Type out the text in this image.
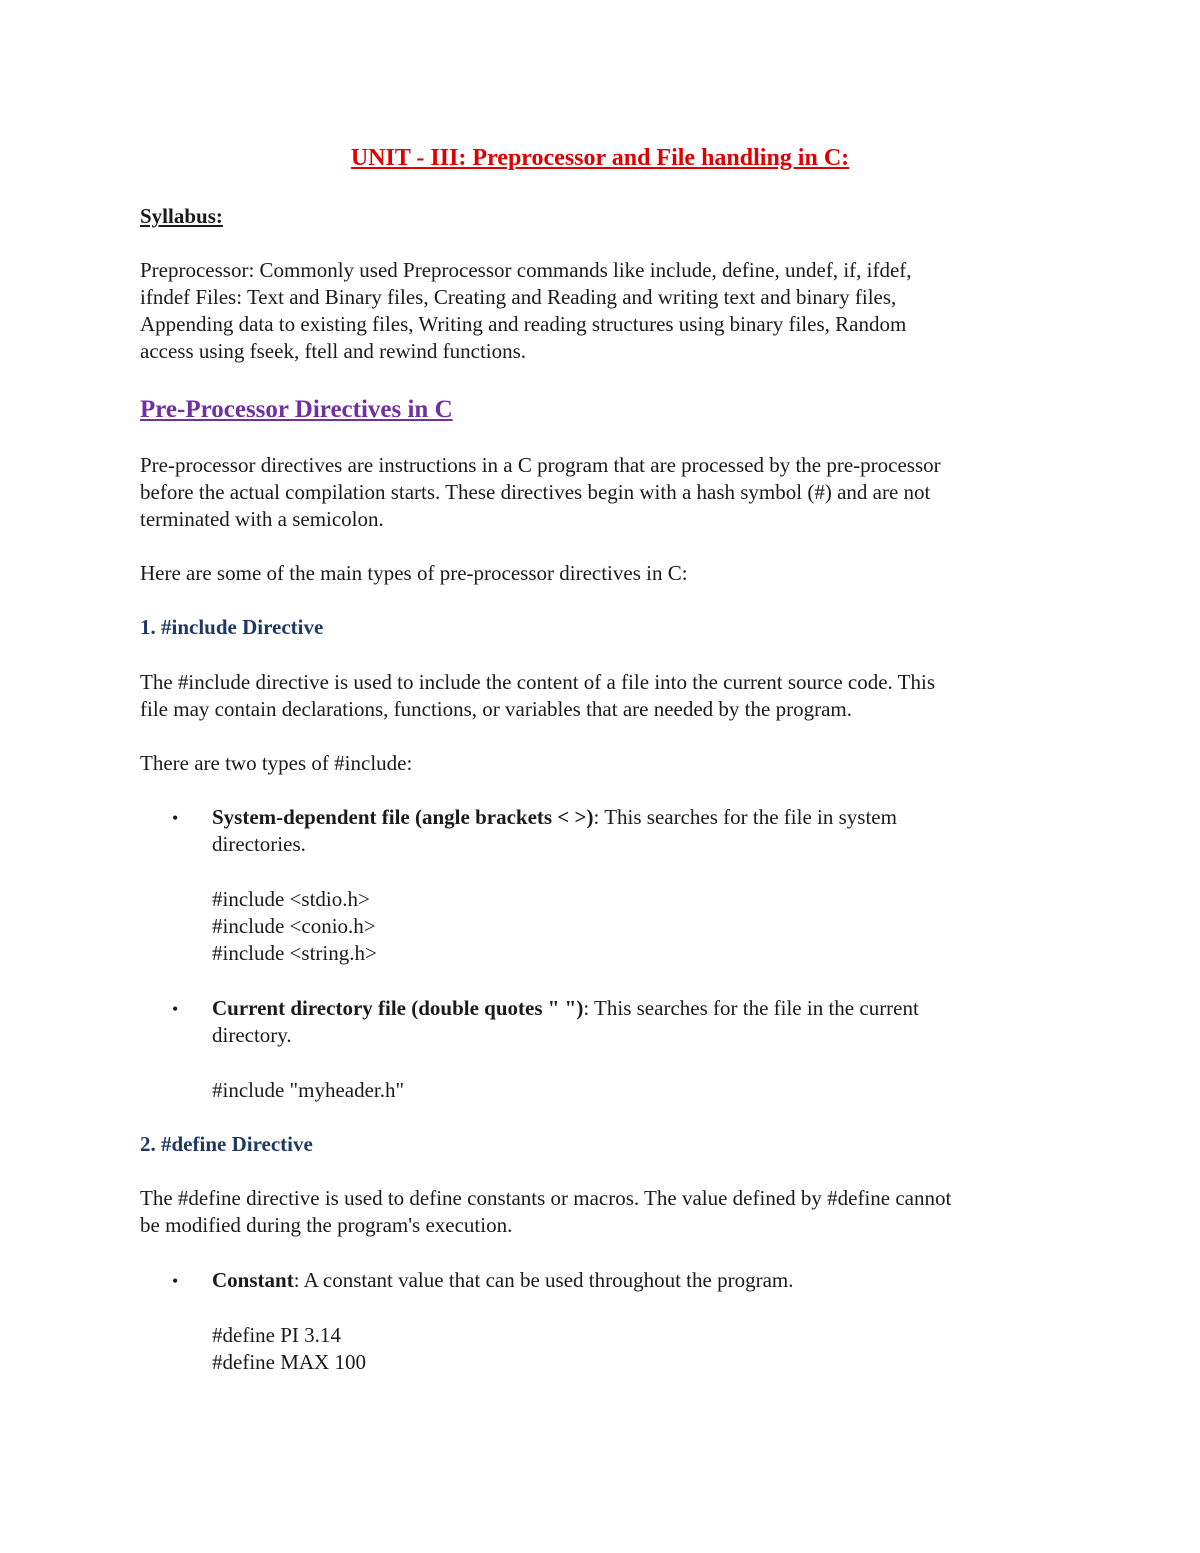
UNIT - III: Preprocessor and File handling in C:
Syllabus:
Preprocessor: Commonly used Preprocessor commands like include, define, undef, if, ifdef,
ifndef Files: Text and Binary files, Creating and Reading and writing text and binary files,
Appending data to existing files, Writing and reading structures using binary files, Random
access using fseek, ftell and rewind functions.
Pre-Processor Directives in C
Pre-processor directives are instructions in a C program that are processed by the pre-processor
before the actual compilation starts. These directives begin with a hash symbol (#) and are not
terminated with a semicolon.
Here are some of the main types of pre-processor directives in C:
1. #include Directive
The #include directive is used to include the content of a file into the current source code. This
file may contain declarations, functions, or variables that are needed by the program.
There are two types of #include:
• System-dependent file (angle brackets < >): This searches for the file in system
directories.
#include <stdio.h>
#include <conio.h>
#include <string.h>
• Current directory file (double quotes " "): This searches for the file in the current
directory.
#include "myheader.h"
2. #define Directive
The #define directive is used to define constants or macros. The value defined by #define cannot
be modified during the program's execution.
• Constant: A constant value that can be used throughout the program.
#define PI 3.14
#define MAX 100
